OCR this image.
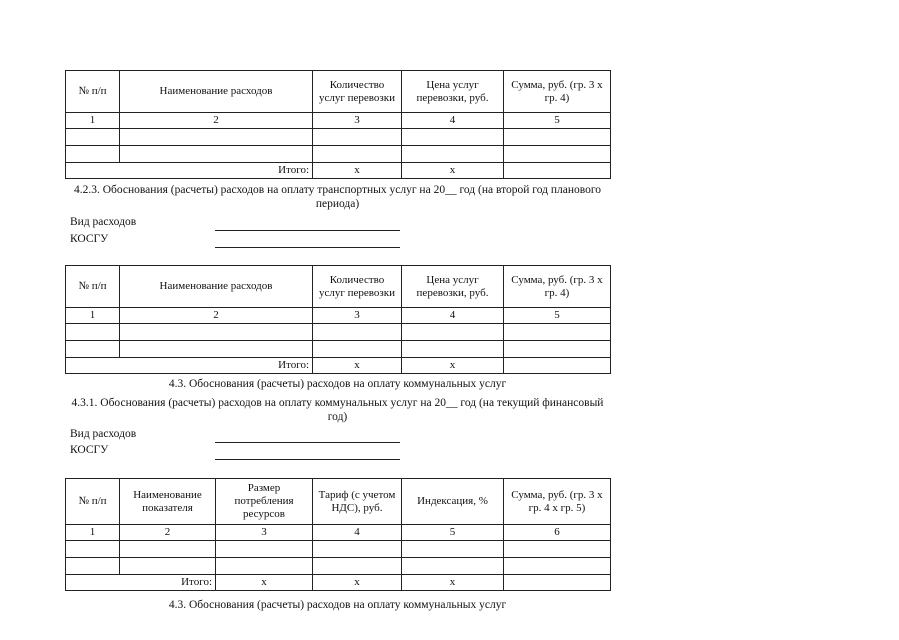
№ п/п	Наименование расходов	Количество услуг перевозки	Цена услуг перевозки, руб.	Сумма, руб. (гр. 3 х гр. 4)
1	2	3	4	5

	Итого:	х	х	
4.2.3. Обоснования (расчеты) расходов на оплату транспортных услуг на 20__ год (на второй год планового периода)
Вид расходов
КОСГУ
№ п/п	Наименование расходов	Количество услуг перевозки	Цена услуг перевозки, руб.	Сумма, руб. (гр. 3 х гр. 4)
1	2	3	4	5

	Итого:	х	х	
4.3. Обоснования (расчеты) расходов на оплату коммунальных услуг
4.3.1. Обоснования (расчеты) расходов на оплату коммунальных услуг на 20__ год (на текущий финансовый год)
Вид расходов
КОСГУ
№ п/п	Наименование показателя	Размер потребления ресурсов	Тариф (с учетом НДС), руб.	Индексация, %	Сумма, руб. (гр. 3 х гр. 4 х гр. 5)
1	2	3	4	5	6

	Итого:	х	х	х	
4.3. Обоснования (расчеты) расходов на оплату коммунальных услуг
